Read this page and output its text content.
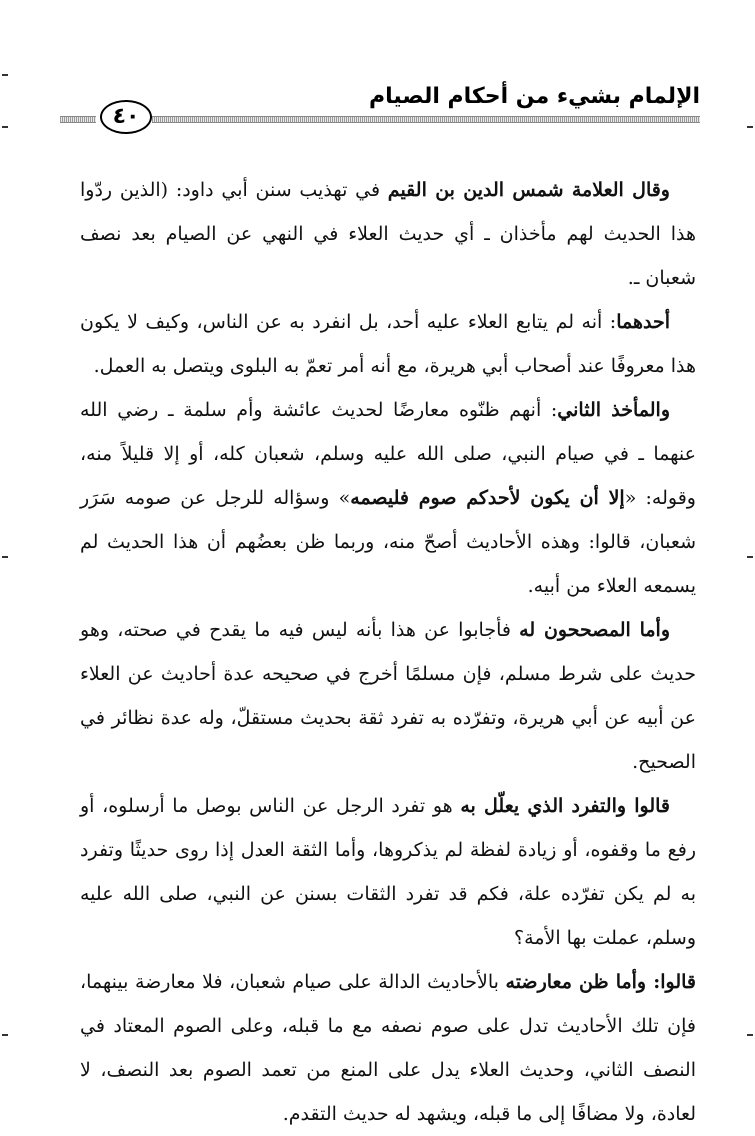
الإلمام بشيء من أحكام الصيام
٤٠

وقال العلامة شمس الدين بن القيم في تهذيب سنن أبي داود: (الذين ردّوا هذا الحديث لهم مأخذان ـ أي حديث العلاء في النهي عن الصيام بعد نصف شعبان ـ.

أحدهما: أنه لم يتابع العلاء عليه أحد، بل انفرد به عن الناس، وكيف لا يكون هذا معروفًا عند أصحاب أبي هريرة، مع أنه أمر تعمّ به البلوى ويتصل به العمل.

والمأخذ الثاني: أنهم ظنّوه معارضًا لحديث عائشة وأم سلمة ـ رضي الله عنهما ـ في صيام النبي، صلى الله عليه وسلم، شعبان كله، أو إلا قليلاً منه، وقوله: «إلا أن يكون لأحدكم صوم فليصمه» وسؤاله للرجل عن صومه سَرَر شعبان، قالوا: وهذه الأحاديث أصحّ منه، وربما ظن بعضُهم أن هذا الحديث لم يسمعه العلاء من أبيه.

وأما المصححون له فأجابوا عن هذا بأنه ليس فيه ما يقدح في صحته، وهو حديث على شرط مسلم، فإن مسلمًا أخرج في صحيحه عدة أحاديث عن العلاء عن أبيه عن أبي هريرة، وتفرّده به تفرد ثقة بحديث مستقلّ، وله عدة نظائر في الصحيح.

قالوا والتفرد الذي يعلّل به هو تفرد الرجل عن الناس بوصل ما أرسلوه، أو رفع ما وقفوه، أو زيادة لفظة لم يذكروها، وأما الثقة العدل إذا روى حديثًا وتفرد به لم يكن تفرّده علة، فكم قد تفرد الثقات بسنن عن النبي، صلى الله عليه وسلم، عملت بها الأمة؟

قالوا: وأما ظن معارضته بالأحاديث الدالة على صيام شعبان، فلا معارضة بينهما، فإن تلك الأحاديث تدل على صوم نصفه مع ما قبله، وعلى الصوم المعتاد في النصف الثاني، وحديث العلاء يدل على المنع من تعمد الصوم بعد النصف، لا لعادة، ولا مضافًا إلى ما قبله، ويشهد له حديث التقدم.
